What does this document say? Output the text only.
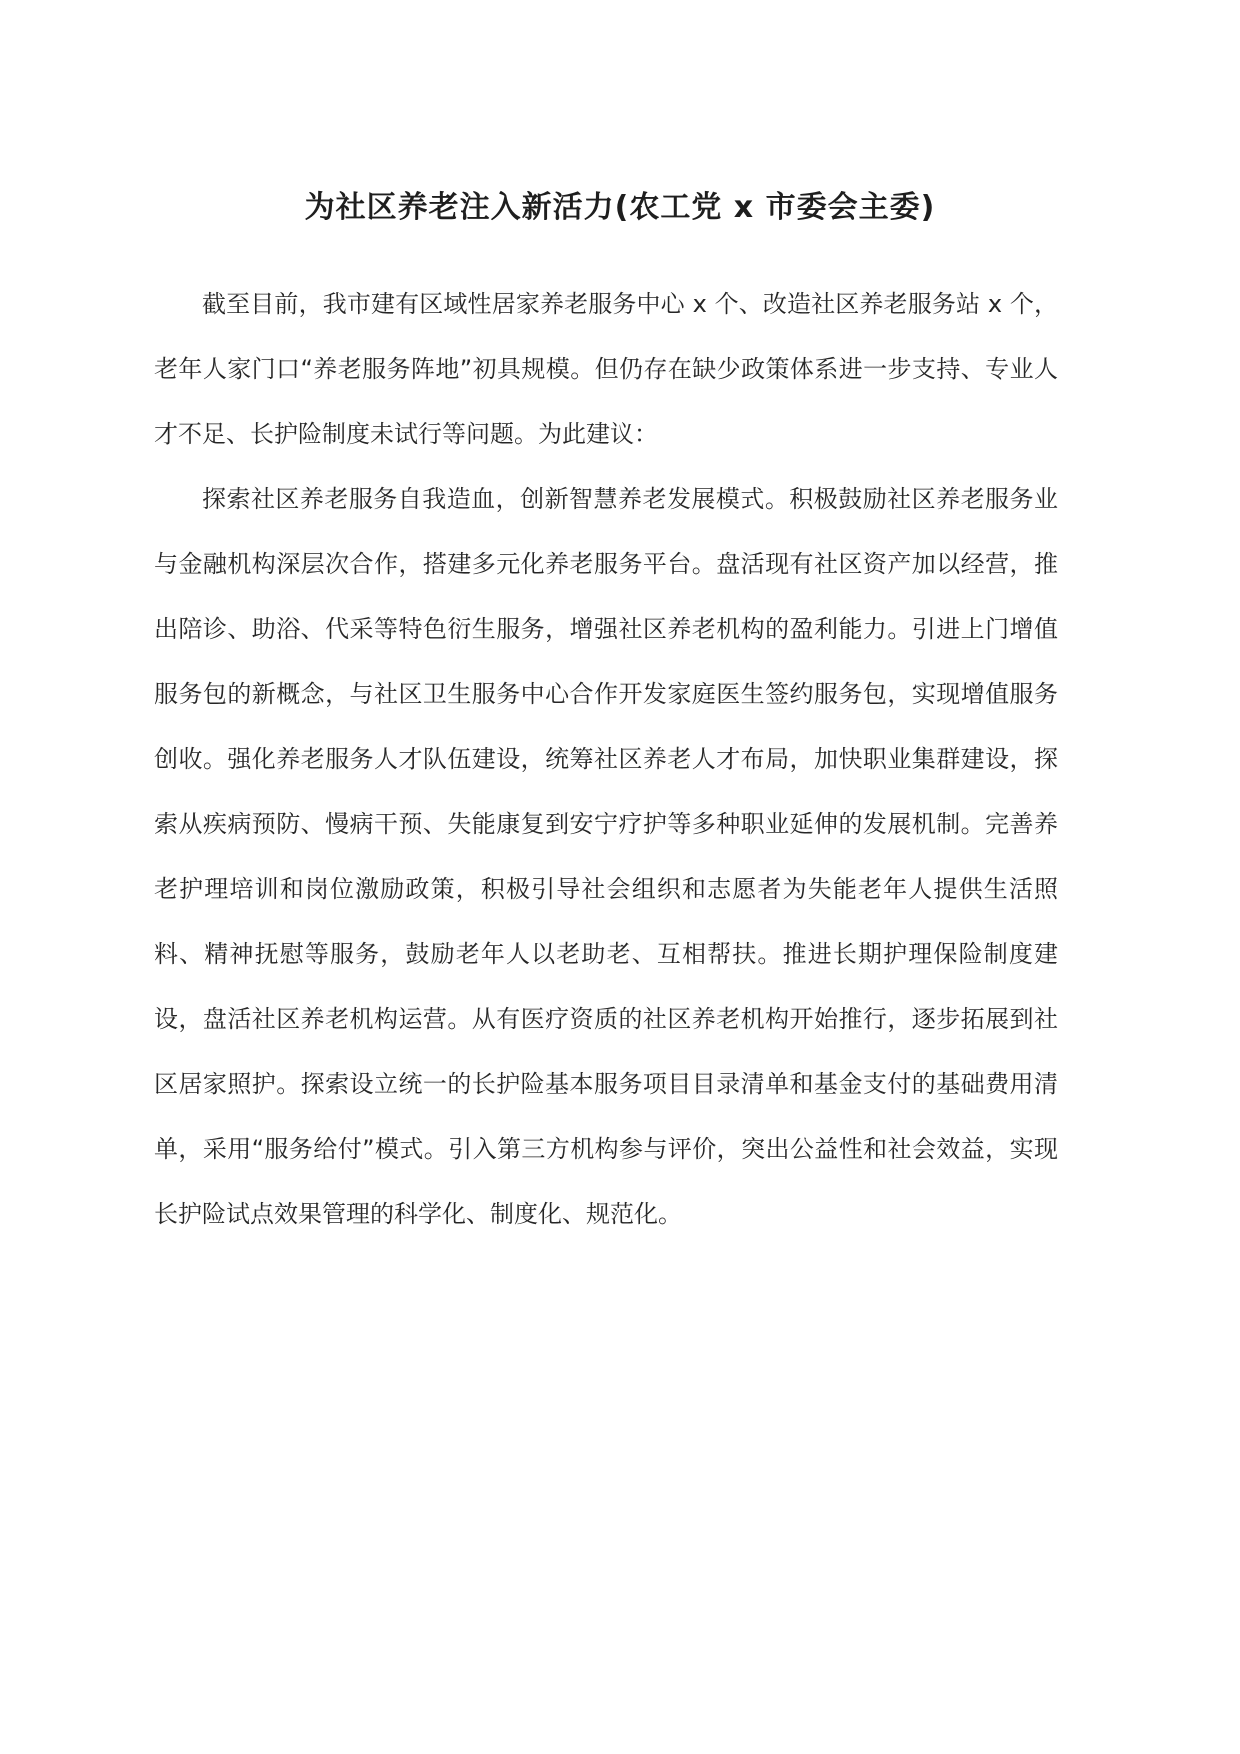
为社区养老注入新活力(农工党 x 市委会主委)

截至目前，我市建有区域性居家养老服务中心 x 个、改造社区养老服务站 x 个，老年人家门口“养老服务阵地”初具规模。但仍存在缺少政策体系进一步支持、专业人才不足、长护险制度未试行等问题。为此建议：

探索社区养老服务自我造血，创新智慧养老发展模式。积极鼓励社区养老服务业与金融机构深层次合作，搭建多元化养老服务平台。盘活现有社区资产加以经营，推出陪诊、助浴、代采等特色衍生服务，增强社区养老机构的盈利能力。引进上门增值服务包的新概念，与社区卫生服务中心合作开发家庭医生签约服务包，实现增值服务创收。强化养老服务人才队伍建设，统筹社区养老人才布局，加快职业集群建设，探索从疾病预防、慢病干预、失能康复到安宁疗护等多种职业延伸的发展机制。完善养老护理培训和岗位激励政策，积极引导社会组织和志愿者为失能老年人提供生活照料、精神抚慰等服务，鼓励老年人以老助老、互相帮扶。推进长期护理保险制度建设，盘活社区养老机构运营。从有医疗资质的社区养老机构开始推行，逐步拓展到社区居家照护。探索设立统一的长护险基本服务项目目录清单和基金支付的基础费用清单，采用“服务给付”模式。引入第三方机构参与评价，突出公益性和社会效益，实现长护险试点效果管理的科学化、制度化、规范化。
